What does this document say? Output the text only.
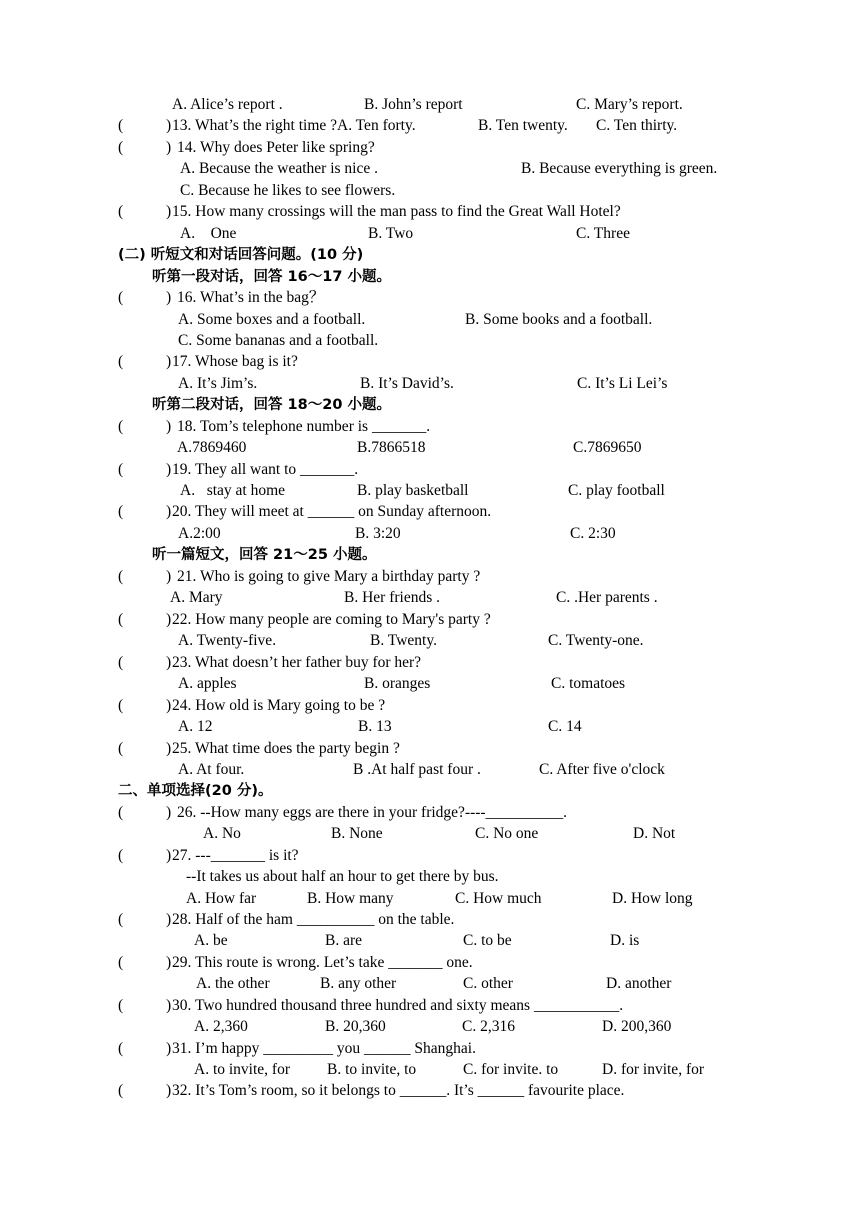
A. Alice’s report .	B. John’s report	C. Mary’s report.
(	) 13. What’s the right time ?A. Ten forty.	B. Ten twenty. C. Ten thirty.
(	) 14. Why does Peter like spring?
A. Because the weather is nice .	B. Because everything is green.
C. Because he likes to see flowers.
(	) 15. How many crossings will the man pass to find the Great Wall Hotel?
A.    One	B. Two	C. Three
(二) 听短文和对话回答问题。(10 分)
听第一段对话，回答 16～17 小题。
(	) 16. What’s in the bag？
A. Some boxes and a football.	B. Some books and a football.
C. Some bananas and a football.
(	) 17. Whose bag is it?
A. It’s Jim’s.	B. It’s David’s.	C. It’s Li Lei’s
听第二段对话，回答 18～20 小题。
(	) 18. Tom’s telephone number is _______.
A.7869460	B.7866518	C.7869650
(	) 19. They all want to _______.
A.   stay at home	B. play basketball	C. play football
(	) 20. They will meet at ______ on Sunday afternoon.
A.2:00	B. 3:20	C. 2:30
听一篇短文，回答 21～25 小题。
(	) 21. Who is going to give Mary a birthday party ?
A. Mary	B. Her friends .	C. .Her parents .
(	) 22. How many people are coming to Mary's party ?
A. Twenty-five.	B. Twenty.	C. Twenty-one.
(	) 23. What doesn’t her father buy for her?
A. apples	B. oranges	C. tomatoes
(	) 24. How old is Mary going to be ?
A. 12	B. 13	C. 14
(	) 25. What time does the party begin ?
A. At four.	B .At half past four .	C. After five o'clock
二、单项选择(20 分)。
(	) 26. --How many eggs are there in your fridge?----__________.
A. No	B. None	C. No one	D. Not
(	) 27. ---_______ is it?
--It takes us about half an hour to get there by bus.
A. How far	B. How many	C. How much	D. How long
(	) 28. Half of the ham __________ on the table.
A. be	B. are	C. to be	D. is
(	) 29. This route is wrong. Let’s take _______ one.
A. the other	B. any other	C. other	D. another
(	) 30. Two hundred thousand three hundred and sixty means ___________.
A. 2,360	B. 20,360	C. 2,316	D. 200,360
(	) 31. I’m happy _________ you ______ Shanghai.
A. to invite, for B. to invite, to	C. for invite. to	D. for invite, for
(	) 32. It’s Tom’s room, so it belongs to ______. It’s ______ favourite place.
